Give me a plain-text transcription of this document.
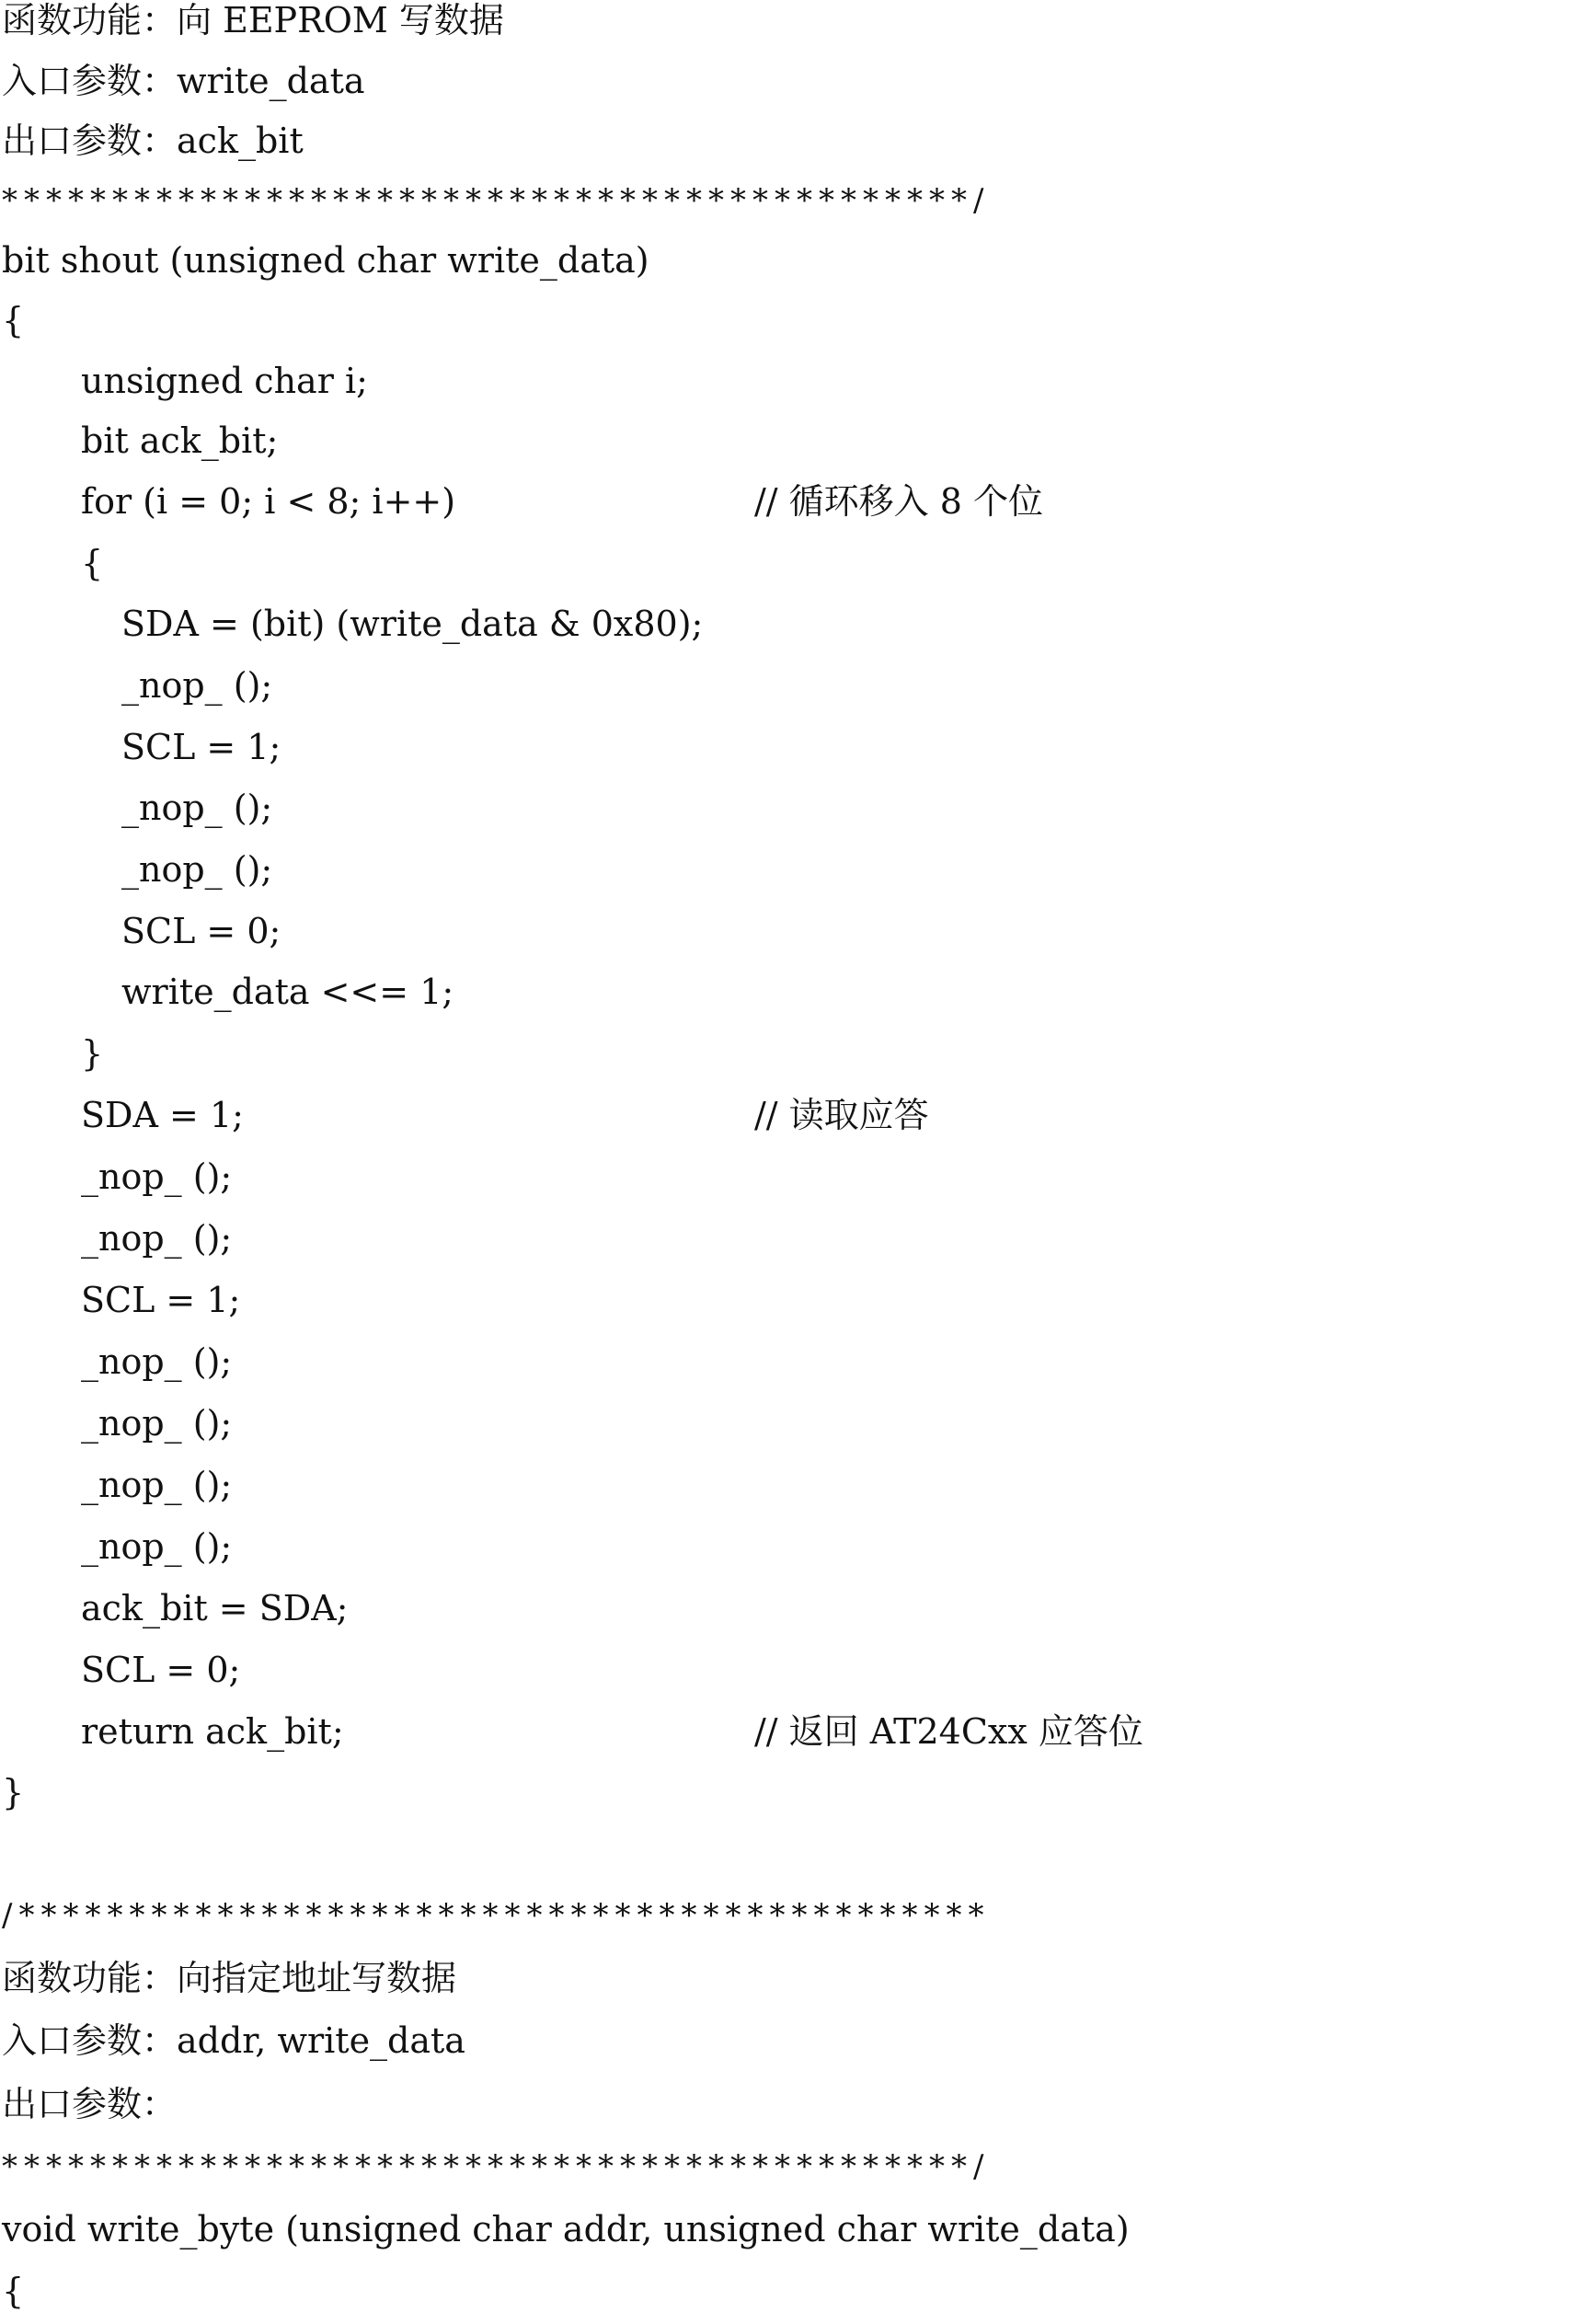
函数功能：向 EEPROM 写数据
入口参数：write_data
出口参数：ack_bit
********************************************/
bit shout (unsigned char write_data)
{
unsigned char i;
bit ack_bit;
for (i = 0; i < 8; i++)	// 循环移入 8 个位
{
SDA = (bit) (write_data & 0x80);
_nop_ ();
SCL = 1;
_nop_ ();
_nop_ ();
SCL = 0;
write_data <<= 1;
}
SDA = 1;	// 读取应答
_nop_ ();
_nop_ ();
SCL = 1;
_nop_ ();
_nop_ ();
_nop_ ();
_nop_ ();
ack_bit = SDA;
SCL = 0;
return ack_bit;	// 返回 AT24Cxx 应答位
}
/********************************************
函数功能：向指定地址写数据
入口参数：addr, write_data
出口参数：
********************************************/
void write_byte (unsigned char addr, unsigned char write_data)
{
